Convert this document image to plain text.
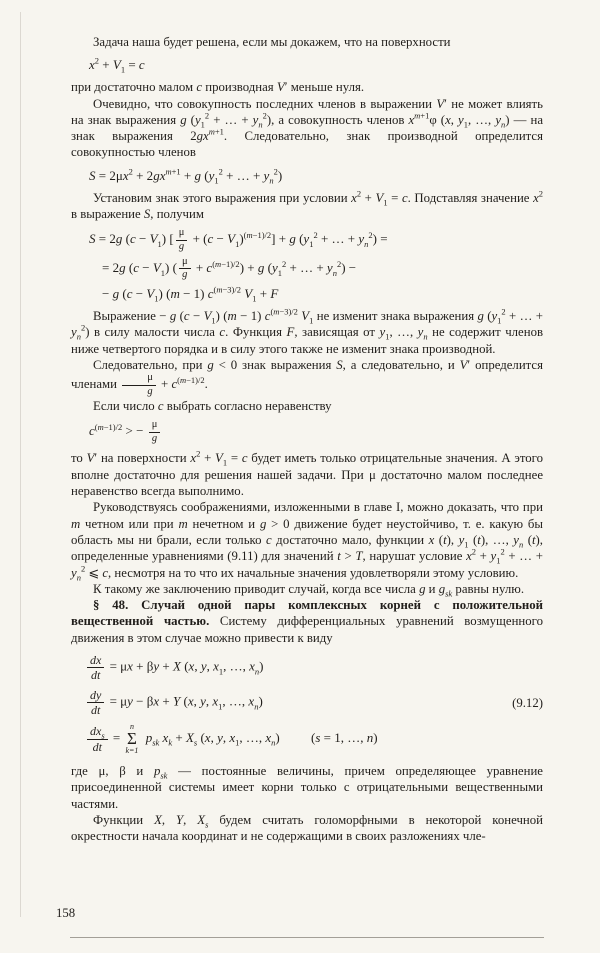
Задача наша будет решена, если мы докажем, что на поверхности

$x^2 + V_1 = c$

при достаточно малом c производная V′ меньше нуля.

Очевидно, что совокупность последних членов в выражении V′ не может влиять на знак выражения g ($y_1^2$ + … + $y_n^2$), а совокупность членов $x^{m+1}\varphi$ (x, $y_1$, …, $y_n$) — на знак выражения $2gx^{m+1}$. Следовательно, знак производной определится совокупностью членов

$S = 2\mu x^2 + 2gx^{m+1} + g$ ($y_1^2$ + … + $y_n^2$)

Установим знак этого выражения при условии $x^2 + V_1 = c$. Подставляя значение $x^2$ в выражение S, получим

S = 2g $(c - V_1)$ [ $\frac{\mu}{g} + (c - V_1)^{(m-1)/2}] + g$ ($y_1^2$ + … + $y_n^2$) =
= 2g $(c - V_1)$ ( $\frac{\mu}{g} + c^{(m-1)/2}) + g$ ($y_1^2$ + … + $y_n^2$) −
− g $(c - V_1)$ (m − 1) $c^{(m-3)/2}$ $V_1 + F$

Выражение − g $(c - V_1)$ (m − 1) $c^{(m-3)/2}$ $V_1$ не изменит знака выражения g ($y_1^2$ + … + $y_n^2$) в силу малости числа c. Функция F, зависящая от $y_1$, …, $y_n$ не содержит членов ниже четвертого порядка и в силу этого также не изменит знака производной.

Следовательно, при g < 0 знак выражения S, а следовательно, и V′ определится членами $\frac{\mu}{g} + c^{(m-1)/2}$.

Если число c выбрать согласно неравенству

$c^{(m-1)/2}$ > − $\frac{\mu}{g}$

то V′ на поверхности $x^2 + V_1 = c$ будет иметь только отрицательные значения. А этого вполне достаточно для решения нашей задачи. При μ достаточно малом последнее неравенство всегда выполнимо.

Руководствуясь соображениями, изложенными в главе I, можно доказать, что при m четном или при m нечетном и g > 0 движение будет неустойчиво, т. е. какую бы область мы ни брали, если только c достаточно мало, функции x (t), $y_1$ (t), …, $y_n$ (t), определенные уравнениями (9.11) для значений t > T, нарушат условие $x^2 + y_1^2$ + … + $y_n^2$ ⩽ c, несмотря на то что их начальные значения удовлетворяли этому условию.

К такому же заключению приводит случай, когда все числа g и $g_{sk}$ равны нулю.

§ 48. Случай одной пары комплексных корней с положительной вещественной частью. Систему дифференциальных уравнений возмущенного движения в этом случае можно привести к виду

$\frac{dx}{dt} = \mu x + \beta y + X$ (x, y, $x_1$, …, $x_n$)
$\frac{dy}{dt} = \mu y - \beta x + Y$ (x, y, $x_1$, …, $x_n$)
$\frac{dx_s}{dt}$ =
n
Σ
k=1
$p_{sk}$ $x_k + X_s$ (x, y, $x_1$, …, $x_n$) (s = 1, …, n)
(9.12)

где μ, β и $p_{sk}$ — постоянные величины, причем определяющее уравнение присоединенной системы имеет корни только с отрицательными вещественными частями.

Функции X, Y, $X_s$ будем считать голоморфными в некоторой конечной окрестности начала координат и не содержащими в своих разложениях чле-

158
